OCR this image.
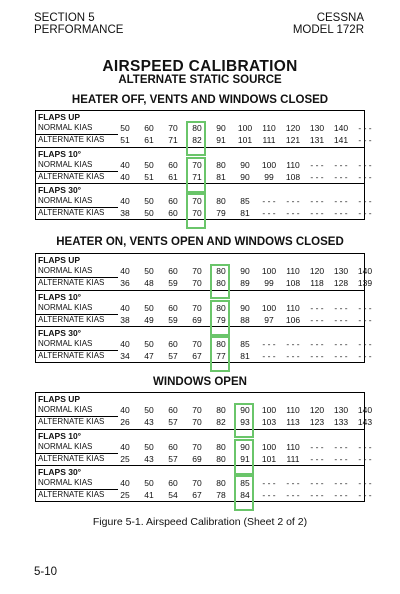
SECTION 5
PERFORMANCE
CESSNA
MODEL 172R
AIRSPEED CALIBRATION
ALTERNATE STATIC SOURCE
HEATER OFF, VENTS AND WINDOWS CLOSED
FLAPS UP
NORMAL KIAS	50	60	70	80	90	100	110	120	130	140	- - -
ALTERNATE KIAS	51	61	71	82	91	101	111	121	131	141	- - -
FLAPS 10°
NORMAL KIAS	40	50	60	70	80	90	100	110	- - -	- - -	- - -
ALTERNATE KIAS	40	51	61	71	81	90	99	108	- - -	- - -	- - -
FLAPS 30°
NORMAL KIAS	40	50	60	70	80	85	- - -	- - -	- - -	- - -	- - -
ALTERNATE KIAS	38	50	60	70	79	81	- - -	- - -	- - -	- - -	- - -
HEATER ON, VENTS OPEN AND WINDOWS CLOSED
FLAPS UP
NORMAL KIAS	40	50	60	70	80	90	100	110	120	130	140
ALTERNATE KIAS	36	48	59	70	80	89	99	108	118	128	139
FLAPS 10°
NORMAL KIAS	40	50	60	70	80	90	100	110	- - -	- - -	- - -
ALTERNATE KIAS	38	49	59	69	79	88	97	106	- - -	- - -	- - -
FLAPS 30°
NORMAL KIAS	40	50	60	70	80	85	- - -	- - -	- - -	- - -	- - -
ALTERNATE KIAS	34	47	57	67	77	81	- - -	- - -	- - -	- - -	- - -
WINDOWS OPEN
FLAPS UP
NORMAL KIAS	40	50	60	70	80	90	100	110	120	130	140
ALTERNATE KIAS	26	43	57	70	82	93	103	113	123	133	143
FLAPS 10°
NORMAL KIAS	40	50	60	70	80	90	100	110	- - -	- - -	- - -
ALTERNATE KIAS	25	43	57	69	80	91	101	111	- - -	- - -	- - -
FLAPS 30°
NORMAL KIAS	40	50	60	70	80	85	- - -	- - -	- - -	- - -	- - -
ALTERNATE KIAS	25	41	54	67	78	84	- - -	- - -	- - -	- - -	- - -
Figure 5-1. Airspeed Calibration (Sheet 2 of 2)
5-10
